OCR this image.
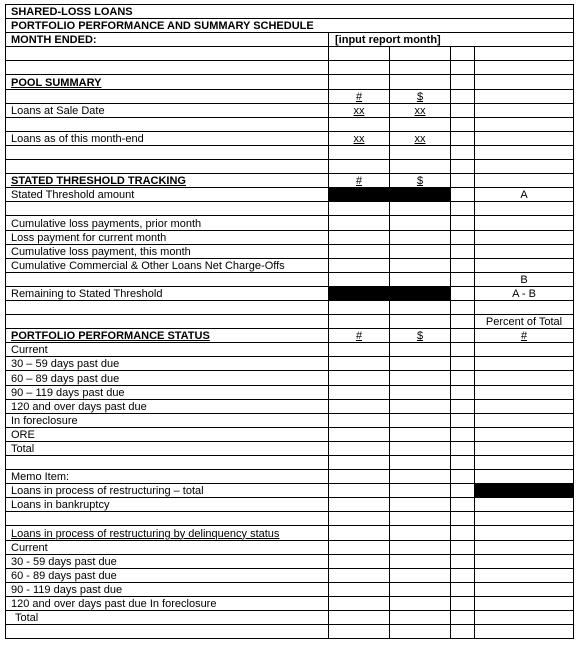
SHARED-LOSS LOANS				
PORTFOLIO PERFORMANCE AND SUMMARY SCHEDULE				
MONTH ENDED:	[input report month]			

POOL SUMMARY				
	#	$		
Loans at Sale Date	xx	xx		

Loans as of this month-end	xx	xx		

STATED THRESHOLD TRACKING	#	$		
Stated Threshold amount				A

Cumulative loss payments, prior month				
Loss payment for current month				
Cumulative loss payment, this month				
Cumulative Commercial & Other Loans Net Charge-Offs				
				B
Remaining to Stated Threshold				A - B

				Percent of Total
PORTFOLIO PERFORMANCE STATUS	#	$		#
Current				
30 – 59 days past due				
60 – 89 days past due				
90 – 119 days past due				
120 and over days past due				
In foreclosure				
ORE				
Total				

Memo Item:				
Loans in process of restructuring – total				
Loans in bankruptcy				

Loans in process of restructuring by delinquency status				
Current				
30 - 59 days past due				
60 - 89 days past due				
90 - 119 days past due				
120 and over days past due In foreclosure				
Total				
